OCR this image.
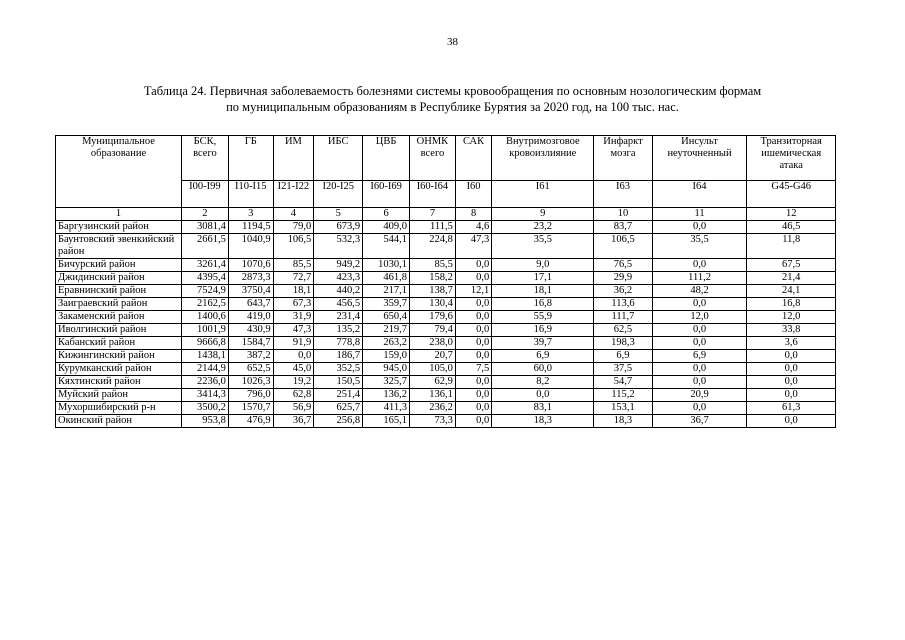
38
Таблица 24. Первичная заболеваемость болезнями системы кровообращения по основным нозологическим формам
по муниципальным образованиям в Республике Бурятия за 2020 год, на 100 тыс. нас.
Муниципальное образование	БСК, всего	ГБ	ИМ	ИБС	ЦВБ	ОНМК всего	САК	Внутримозговое кровоизлияние	Инфаркт мозга	Инсульт неуточненный	Транзиторная ишемическая атака
	I00-I99	I10-I15	I21-I22	I20-I25	I60-I69	I60-I64	I60	I61	I63	I64	G45-G46
1	2	3	4	5	6	7	8	9	10	11	12
Баргузинский район	3081,4	1194,5	79,0	673,9	409,0	111,5	4,6	23,2	83,7	0,0	46,5
Баунтовский эвенкийский район	2661,5	1040,9	106,5	532,3	544,1	224,8	47,3	35,5	106,5	35,5	11,8
Бичурский район	3261,4	1070,6	85,5	949,2	1030,1	85,5	0,0	9,0	76,5	0,0	67,5
Джидинский район	4395,4	2873,3	72,7	423,3	461,8	158,2	0,0	17,1	29,9	111,2	21,4
Еравнинский район	7524,9	3750,4	18,1	440,2	217,1	138,7	12,1	18,1	36,2	48,2	24,1
Заиграевский район	2162,5	643,7	67,3	456,5	359,7	130,4	0,0	16,8	113,6	0,0	16,8
Закаменский район	1400,6	419,0	31,9	231,4	650,4	179,6	0,0	55,9	111,7	12,0	12,0
Иволгинский район	1001,9	430,9	47,3	135,2	219,7	79,4	0,0	16,9	62,5	0,0	33,8
Кабанский район	9666,8	1584,7	91,9	778,8	263,2	238,0	0,0	39,7	198,3	0,0	3,6
Кижингинский район	1438,1	387,2	0,0	186,7	159,0	20,7	0,0	6,9	6,9	6,9	0,0
Курумканский район	2144,9	652,5	45,0	352,5	945,0	105,0	7,5	60,0	37,5	0,0	0,0
Кяхтинский район	2236,0	1026,3	19,2	150,5	325,7	62,9	0,0	8,2	54,7	0,0	0,0
Муйский район	3414,3	796,0	62,8	251,4	136,2	136,1	0,0	0,0	115,2	20,9	0,0
Мухоршибирский р-н	3500,2	1570,7	56,9	625,7	411,3	236,2	0,0	83,1	153,1	0,0	61,3
Окинский район	953,8	476,9	36,7	256,8	165,1	73,3	0,0	18,3	18,3	36,7	0,0
